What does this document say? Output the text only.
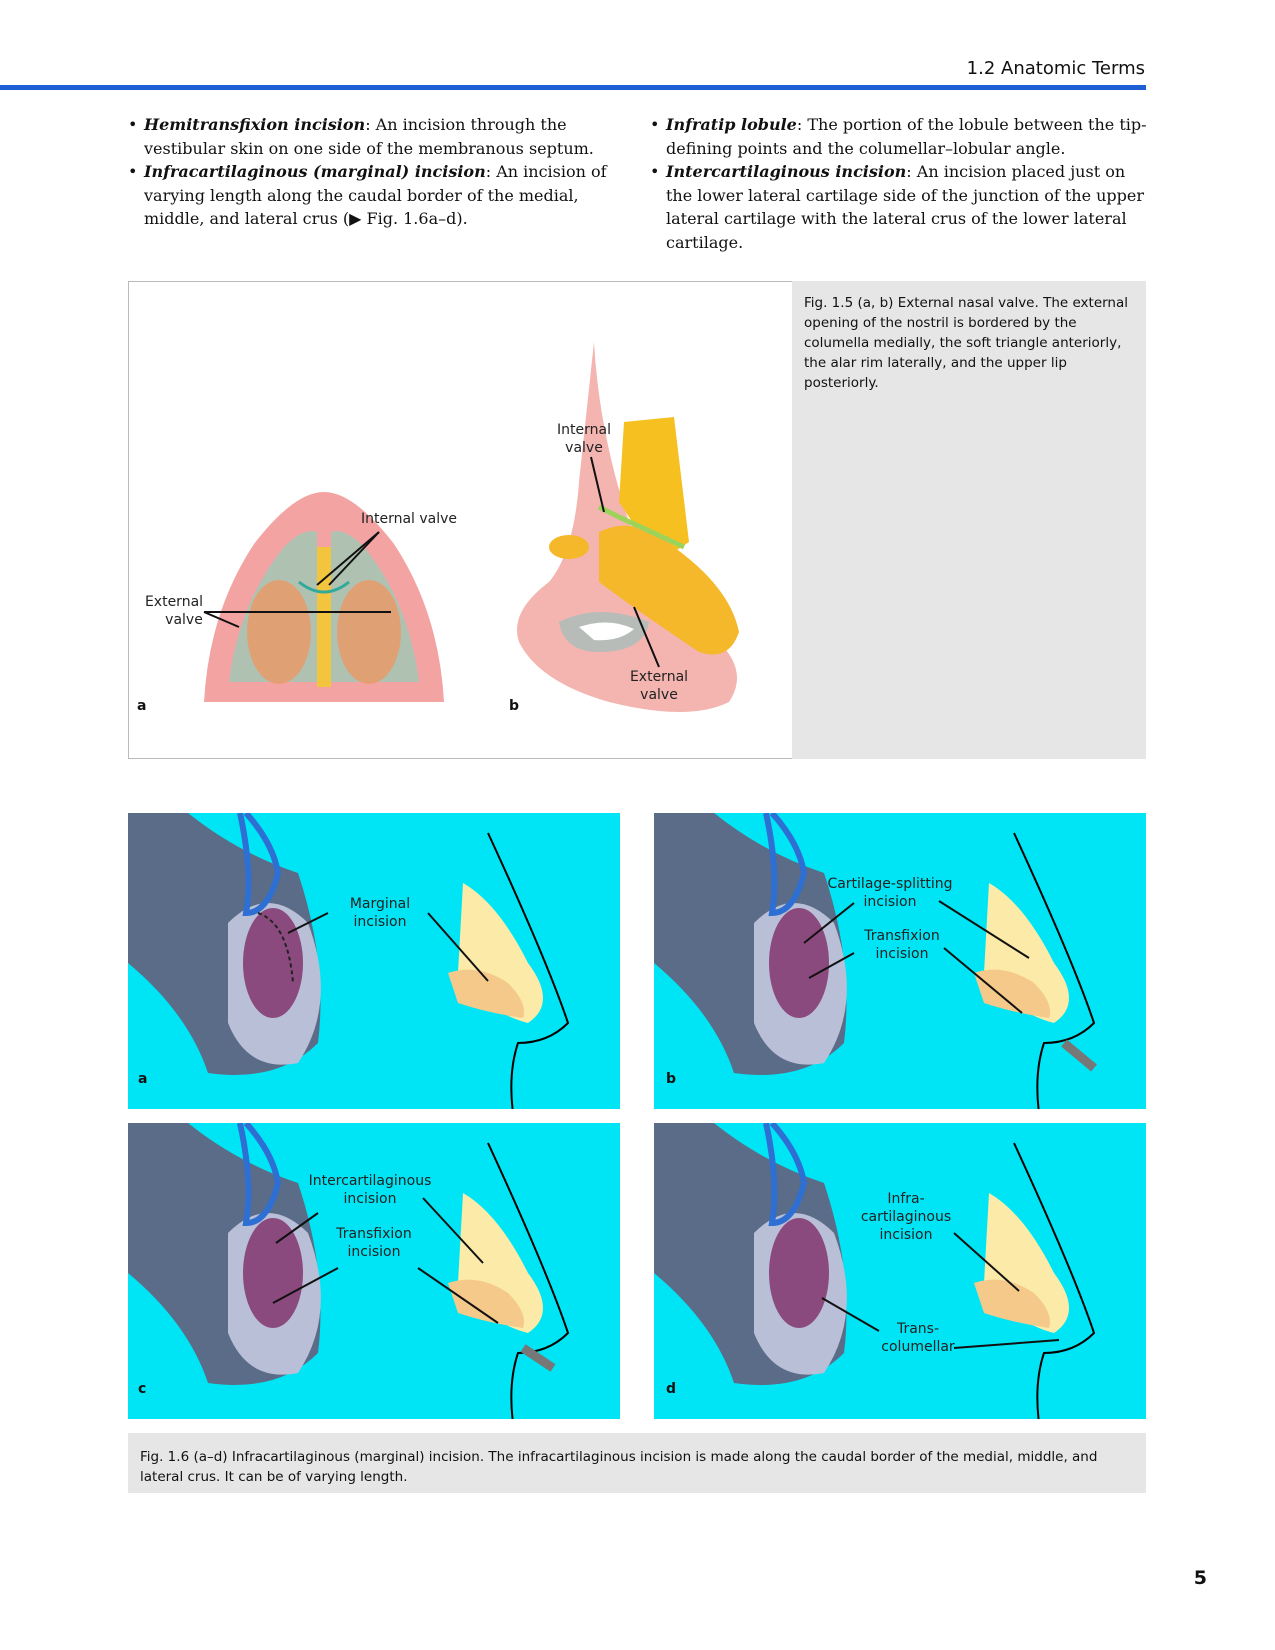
1.2 Anatomic Terms
• Hemitransfixion incision: An incision through the vestibular skin on one side of the membranous septum.
• Infracartilaginous (marginal) incision: An incision of varying length along the caudal border of the medial, middle, and lateral crus (▶ Fig. 1.6a–d).
• Infratip lobule: The portion of the lobule between the tip-defining points and the columellar–lobular angle.
• Intercartilaginous incision: An incision placed just on the lower lateral cartilage side of the junction of the upper lateral cartilage with the lateral crus of the lower lateral cartilage.
Internal valve
External
valve
Internal
valve
External
valve
a	b
Fig. 1.5 (a, b) External nasal valve. The external opening of the nostril is bordered by the columella medially, the soft triangle anteriorly, the alar rim laterally, and the upper lip posteriorly.
Marginal
incision
a
Cartilage-splitting
incision
Transfixion
incision
b
Intercartilaginous
incision
Transfixion
incision
c
Infra-
cartilaginous
incision
Trans-
columellar
d
Fig. 1.6 (a–d) Infracartilaginous (marginal) incision. The infracartilaginous incision is made along the caudal border of the medial, middle, and lateral crus. It can be of varying length.
5
